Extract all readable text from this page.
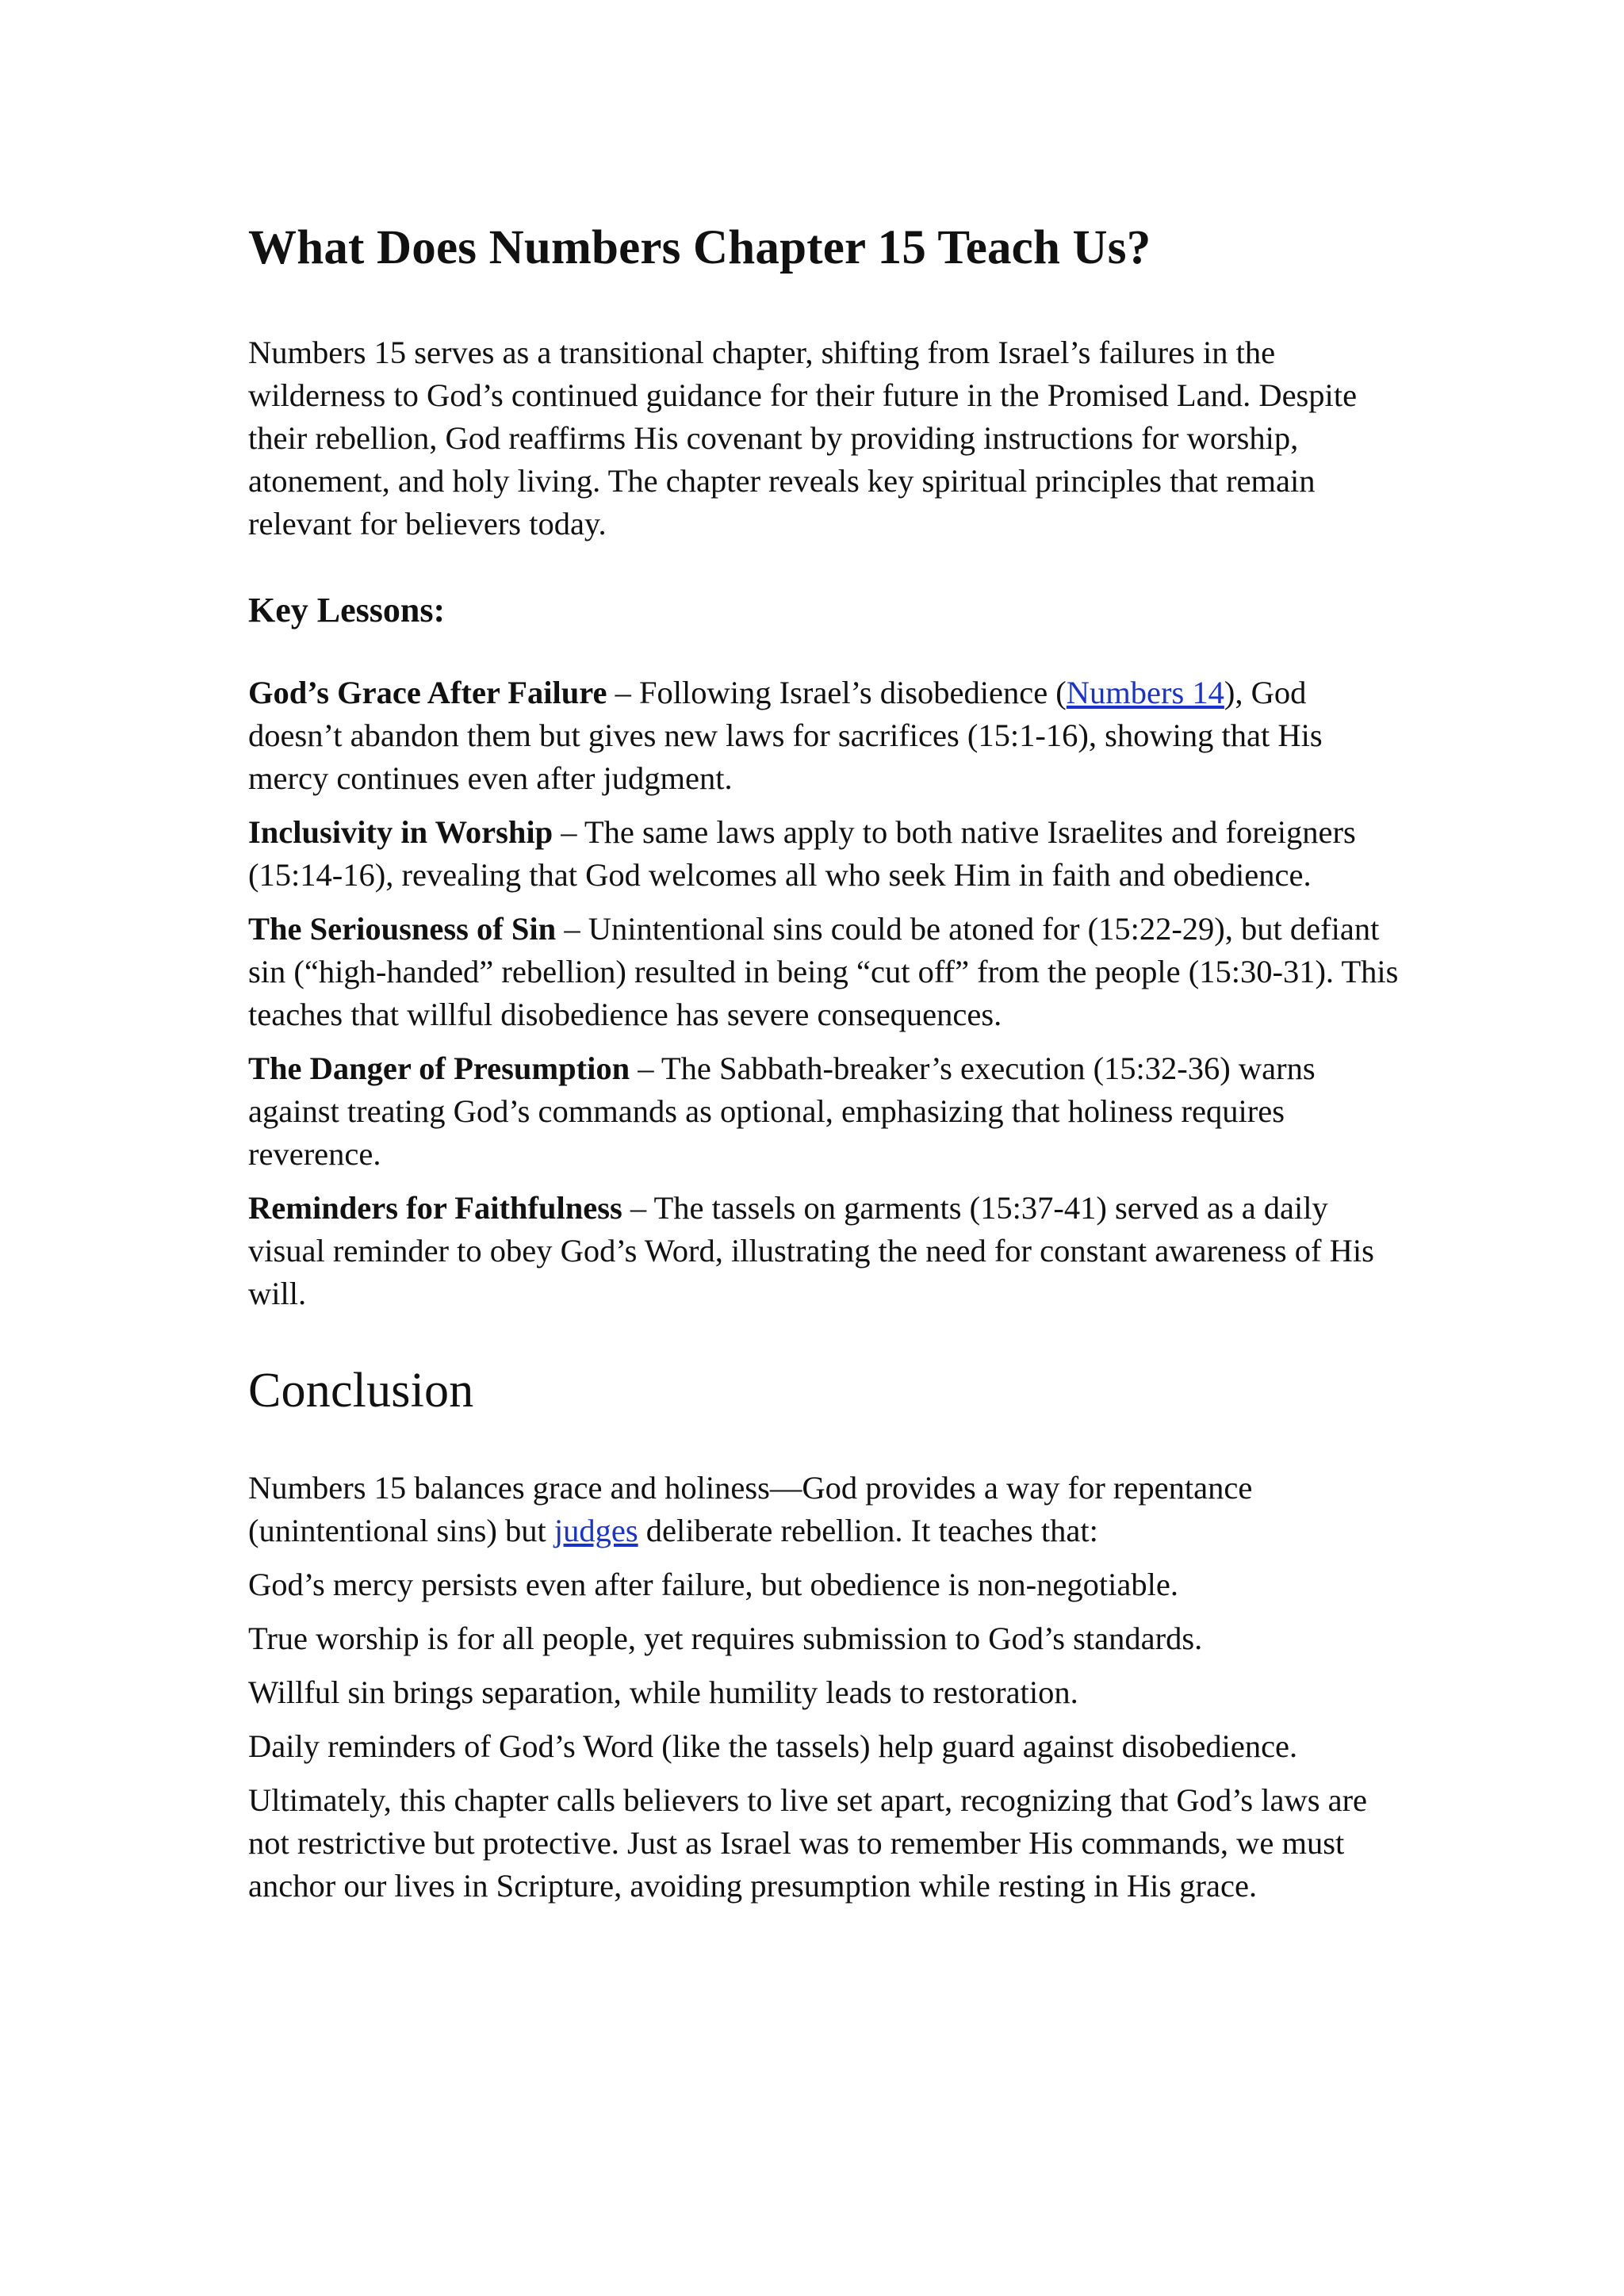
What Does Numbers Chapter 15 Teach Us?

Numbers 15 serves as a transitional chapter, shifting from Israel’s failures in the wilderness to God’s continued guidance for their future in the Promised Land. Despite their rebellion, God reaffirms His covenant by providing instructions for worship, atonement, and holy living. The chapter reveals key spiritual principles that remain relevant for believers today.

Key Lessons:

God’s Grace After Failure – Following Israel’s disobedience (Numbers 14), God doesn’t abandon them but gives new laws for sacrifices (15:1-16), showing that His mercy continues even after judgment.

Inclusivity in Worship – The same laws apply to both native Israelites and foreigners (15:14-16), revealing that God welcomes all who seek Him in faith and obedience.

The Seriousness of Sin – Unintentional sins could be atoned for (15:22-29), but defiant sin (“high-handed” rebellion) resulted in being “cut off” from the people (15:30-31). This teaches that willful disobedience has severe consequences.

The Danger of Presumption – The Sabbath-breaker’s execution (15:32-36) warns against treating God’s commands as optional, emphasizing that holiness requires reverence.

Reminders for Faithfulness – The tassels on garments (15:37-41) served as a daily visual reminder to obey God’s Word, illustrating the need for constant awareness of His will.

Conclusion

Numbers 15 balances grace and holiness—God provides a way for repentance (unintentional sins) but judges deliberate rebellion. It teaches that:

God’s mercy persists even after failure, but obedience is non-negotiable.

True worship is for all people, yet requires submission to God’s standards.

Willful sin brings separation, while humility leads to restoration.

Daily reminders of God’s Word (like the tassels) help guard against disobedience.

Ultimately, this chapter calls believers to live set apart, recognizing that God’s laws are not restrictive but protective. Just as Israel was to remember His commands, we must anchor our lives in Scripture, avoiding presumption while resting in His grace.
